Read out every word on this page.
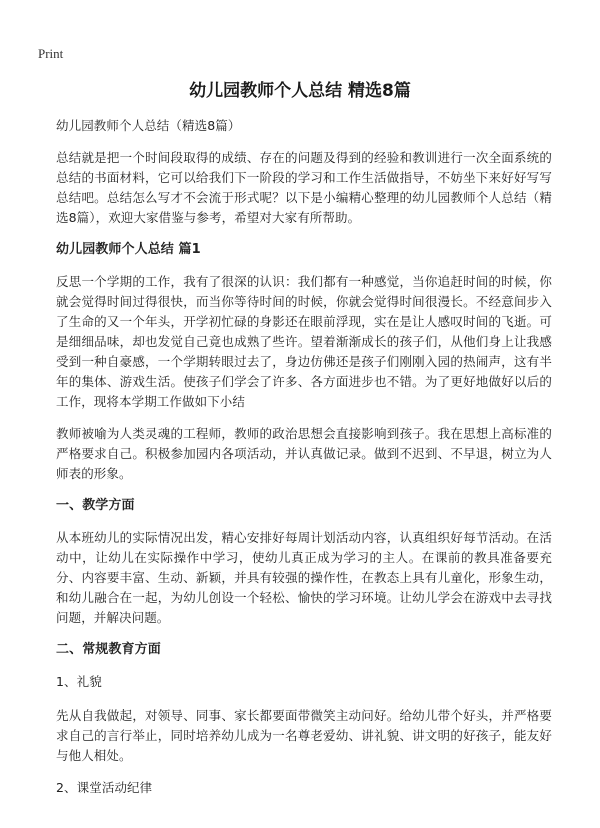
Print
幼儿园教师个人总结 精选8篇

幼儿园教师个人总结（精选8篇）

总结就是把一个时间段取得的成绩、存在的问题及得到的经验和教训进行一次全面系统的总结的书面材料，它可以给我们下一阶段的学习和工作生活做指导，不妨坐下来好好写写总结吧。总结怎么写才不会流于形式呢？以下是小编精心整理的幼儿园教师个人总结（精选8篇），欢迎大家借鉴与参考，希望对大家有所帮助。

幼儿园教师个人总结 篇1

反思一个学期的工作，我有了很深的认识：我们都有一种感觉，当你追赶时间的时候，你就会觉得时间过得很快，而当你等待时间的时候，你就会觉得时间很漫长。不经意间步入了生命的又一个年头，开学初忙碌的身影还在眼前浮现，实在是让人感叹时间的飞逝。可是细细品味，却也发觉自己竟也成熟了些许。望着渐渐成长的孩子们，从他们身上让我感受到一种自豪感，一个学期转眼过去了，身边仿佛还是孩子们刚刚入园的热闹声，这有半年的集体、游戏生活。使孩子们学会了许多、各方面进步也不错。为了更好地做好以后的工作，现将本学期工作做如下小结

教师被喻为人类灵魂的工程师，教师的政治思想会直接影响到孩子。我在思想上高标准的严格要求自己。积极参加园内各项活动，并认真做记录。做到不迟到、不早退，树立为人师表的形象。

一、教学方面

从本班幼儿的实际情况出发，精心安排好每周计划活动内容，认真组织好每节活动。在活动中，让幼儿在实际操作中学习，使幼儿真正成为学习的主人。在课前的教具准备要充分、内容要丰富、生动、新颖，并具有较强的操作性，在教态上具有儿童化，形象生动，和幼儿融合在一起，为幼儿创设一个轻松、愉快的学习环境。让幼儿学会在游戏中去寻找问题，并解决问题。

二、常规教育方面

1、礼貌

先从自我做起，对领导、同事、家长都要面带微笑主动问好。给幼儿带个好头，并严格要求自己的言行举止，同时培养幼儿成为一名尊老爱幼、讲礼貌、讲文明的好孩子，能友好与他人相处。

2、课堂活动纪律
